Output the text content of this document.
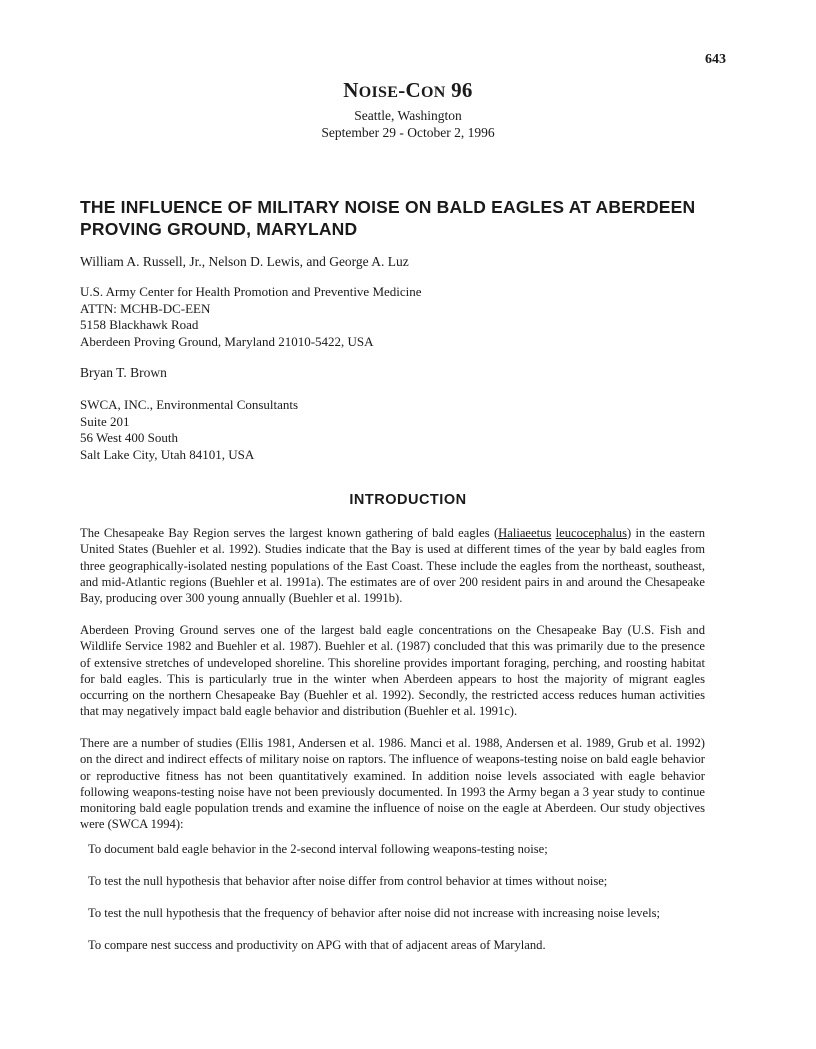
643
NOISE-CON 96
Seattle, Washington
September 29 - October 2, 1996
THE INFLUENCE OF MILITARY NOISE ON BALD EAGLES AT ABERDEEN
PROVING GROUND, MARYLAND
William A. Russell, Jr., Nelson D. Lewis, and George A. Luz
U.S. Army Center for Health Promotion and Preventive Medicine
ATTN: MCHB-DC-EEN
5158 Blackhawk Road
Aberdeen Proving Ground, Maryland 21010-5422, USA
Bryan T. Brown
SWCA, INC., Environmental Consultants
Suite 201
56 West 400 South
Salt Lake City, Utah 84101, USA
INTRODUCTION
The Chesapeake Bay Region serves the largest known gathering of bald eagles (Haliaeetus leucocephalus) in the eastern United States (Buehler et al. 1992). Studies indicate that the Bay is used at different times of the year by bald eagles from three geographically-isolated nesting populations of the East Coast. These include the eagles from the northeast, southeast, and mid-Atlantic regions (Buehler et al. 1991a). The estimates are of over 200 resident pairs in and around the Chesapeake Bay, producing over 300 young annually (Buehler et al. 1991b).
Aberdeen Proving Ground serves one of the largest bald eagle concentrations on the Chesapeake Bay (U.S. Fish and Wildlife Service 1982 and Buehler et al. 1987). Buehler et al. (1987) concluded that this was primarily due to the presence of extensive stretches of undeveloped shoreline. This shoreline provides important foraging, perching, and roosting habitat for bald eagles. This is particularly true in the winter when Aberdeen appears to host the majority of migrant eagles occurring on the northern Chesapeake Bay (Buehler et al. 1992). Secondly, the restricted access reduces human activities that may negatively impact bald eagle behavior and distribution (Buehler et al. 1991c).
There are a number of studies (Ellis 1981, Andersen et al. 1986. Manci et al. 1988, Andersen et al. 1989, Grub et al. 1992) on the direct and indirect effects of military noise on raptors. The influence of weapons-testing noise on bald eagle behavior or reproductive fitness has not been quantitatively examined. In addition noise levels associated with eagle behavior following weapons-testing noise have not been previously documented. In 1993 the Army began a 3 year study to continue monitoring bald eagle population trends and examine the influence of noise on the eagle at Aberdeen. Our study objectives were (SWCA 1994):
To document bald eagle behavior in the 2-second interval following weapons-testing noise;
To test the null hypothesis that behavior after noise differ from control behavior at times without noise;
To test the null hypothesis that the frequency of behavior after noise did not increase with increasing noise levels;
To compare nest success and productivity on APG with that of adjacent areas of Maryland.
